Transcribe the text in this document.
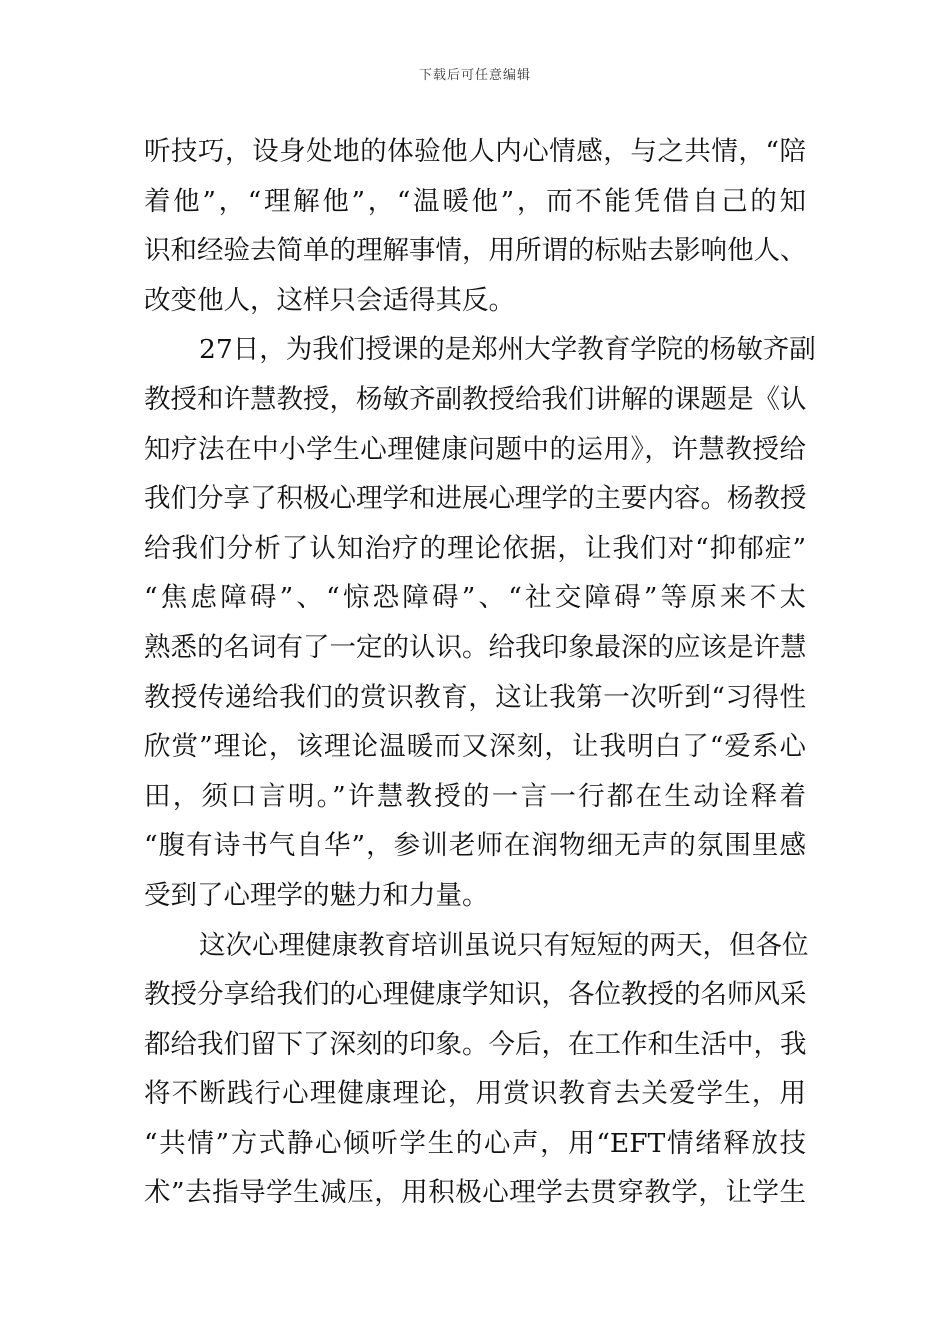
下载后可任意编辑
听技巧，设身处地的体验他人内心情感，与之共情，“陪
着他”，“理解他”，“温暖他”，而不能凭借自己的知
识和经验去简单的理解事情，用所谓的标贴去影响他人、
改变他人，这样只会适得其反。
27日，为我们授课的是郑州大学教育学院的杨敏齐副
教授和许慧教授，杨敏齐副教授给我们讲解的课题是《认
知疗法在中小学生心理健康问题中的运用》，许慧教授给
我们分享了积极心理学和进展心理学的主要内容。杨教授
给我们分析了认知治疗的理论依据，让我们对“抑郁症”
“焦虑障碍”、“惊恐障碍”、“社交障碍”等原来不太
熟悉的名词有了一定的认识。给我印象最深的应该是许慧
教授传递给我们的赏识教育，这让我第一次听到“习得性
欣赏”理论，该理论温暖而又深刻，让我明白了“爱系心
田，须口言明。”许慧教授的一言一行都在生动诠释着
“腹有诗书气自华”，参训老师在润物细无声的氛围里感
受到了心理学的魅力和力量。
这次心理健康教育培训虽说只有短短的两天，但各位
教授分享给我们的心理健康学知识，各位教授的名师风采
都给我们留下了深刻的印象。今后，在工作和生活中，我
将不断践行心理健康理论，用赏识教育去关爱学生，用
“共情”方式静心倾听学生的心声，用“EFT情绪释放技
术”去指导学生减压，用积极心理学去贯穿教学，让学生
